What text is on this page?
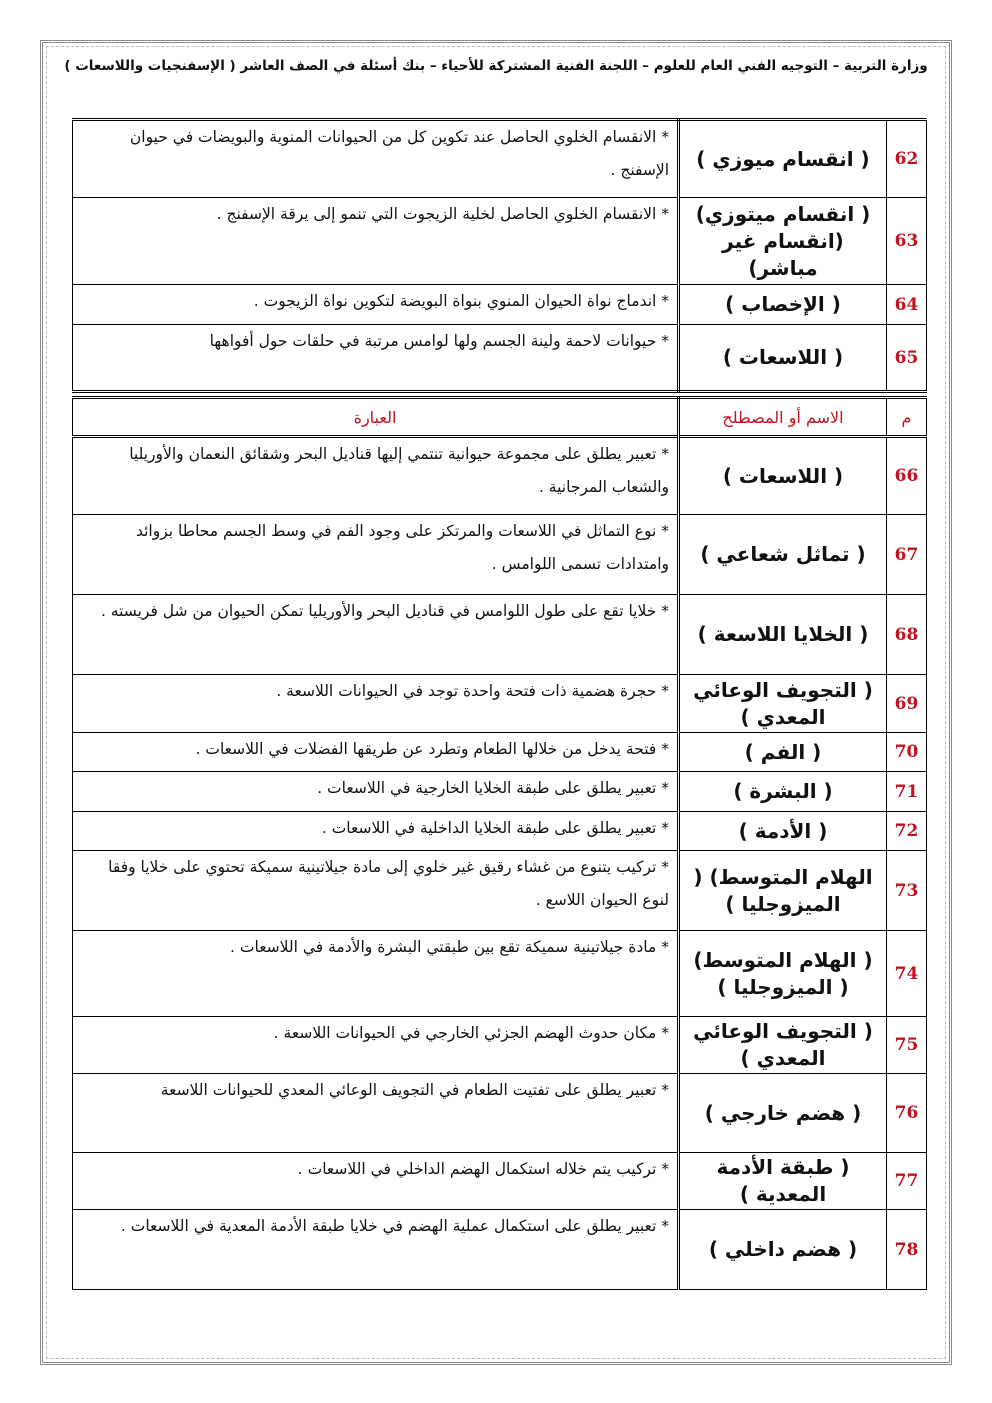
وزارة التربية – التوجيه الفني العام للعلوم – اللجنة الفنية المشتركة للأحياء – بنك أسئلة في الصف العاشر ( الإسفنجيات واللاسعات )
62	( انقسام ميوزي )	* الانقسام الخلوي الحاصل عند تكوين كل من الحيوانات المنوية والبويضات في حيوان الإسفنج .
63	( انقسام ميتوزي) (انقسام غير مباشر)	* الانقسام الخلوي الحاصل لخلية الزيجوت التي تنمو إلى يرقة الإسفنج .
64	( الإخصاب )	* اندماج نواة الحيوان المنوي بنواة البويضة لتكوين نواة الزيجوت .
65	( اللاسعات )	* حيوانات لاحمة ولينة الجسم ولها لوامس مرتبة في حلقات حول أفواهها
م	الاسم أو المصطلح	العبارة
66	( اللاسعات )	* تعبير يطلق على مجموعة حيوانية تنتمي إليها قناديل البحر وشقائق النعمان والأوريليا والشعاب المرجانية .
67	( تماثل شعاعي )	* نوع التماثل في اللاسعات والمرتكز على وجود الفم في وسط الجسم محاطا بزوائد وامتدادات تسمى اللوامس .
68	( الخلايا اللاسعة )	* خلايا تقع على طول اللوامس في قناديل البحر والأوريليا تمكن الحيوان من شل فريسته .
69	( التجويف الوعائي المعدي )	* حجرة هضمية ذات فتحة واحدة توجد في الحيوانات اللاسعة .
70	( الفم )	* فتحة يدخل من خلالها الطعام وتطرد عن طريقها الفضلات في اللاسعات .
71	( البشرة )	* تعبير يطلق على طبقة الخلايا الخارجية في اللاسعات .
72	( الأدمة )	* تعبير يطلق على طبقة الخلايا الداخلية في اللاسعات .
73	الهلام المتوسط) ( الميزوجليا )	* تركيب يتنوع من غشاء رقيق غير خلوي إلى مادة جيلاتينية سميكة تحتوي على خلايا وفقا لنوع الحيوان اللاسع .
74	( الهلام المتوسط) ( الميزوجليا )	* مادة جيلاتينية سميكة تقع بين طبقتي البشرة والأدمة في اللاسعات .
75	( التجويف الوعائي المعدي )	* مكان حدوث الهضم الجزئي الخارجي في الحيوانات اللاسعة .
76	( هضم خارجي )	* تعبير يطلق على تفتيت الطعام في التجويف الوعائي المعدي للحيوانات اللاسعة
77	( طبقة الأدمة المعدية )	* تركيب يتم خلاله استكمال الهضم الداخلي في اللاسعات .
78	( هضم داخلي )	* تعبير يطلق على استكمال عملية الهضم في خلايا طبقة الأدمة المعدية في اللاسعات .
